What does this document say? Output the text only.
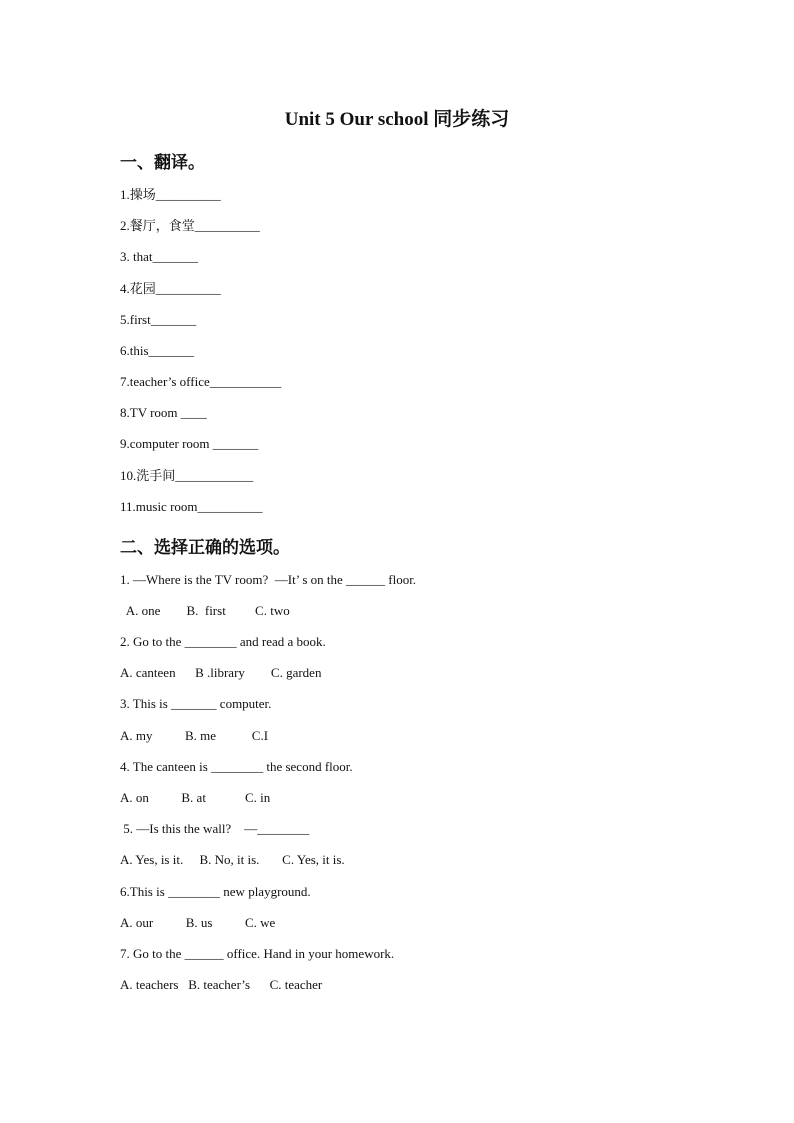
Unit 5 Our school 同步练习
一、翻译。
1.操场__________
2.餐厅，食堂__________
3. that_______
4.花园__________
5.first_______
6.this_______
7.teacher’s office___________
8.TV room ____
9.computer room _______
10.洗手间____________
11.music room__________
二、选择正确的选项。
1. —Where is the TV room?  —It’ s on the ______ floor.
A. one        B.  first         C. two
2. Go to the ________ and read a book.
A. canteen      B .library        C. garden
3. This is _______ computer.
A. my          B. me           C.I
4. The canteen is ________ the second floor.
A. on          B. at            C. in
5. —Is this the wall?    —________
A. Yes, is it.     B. No, it is.       C. Yes, it is.
6.This is ________ new playground.
A. our          B. us          C. we
7. Go to the ______ office. Hand in your homework.
A. teachers   B. teacher’s      C. teacher
